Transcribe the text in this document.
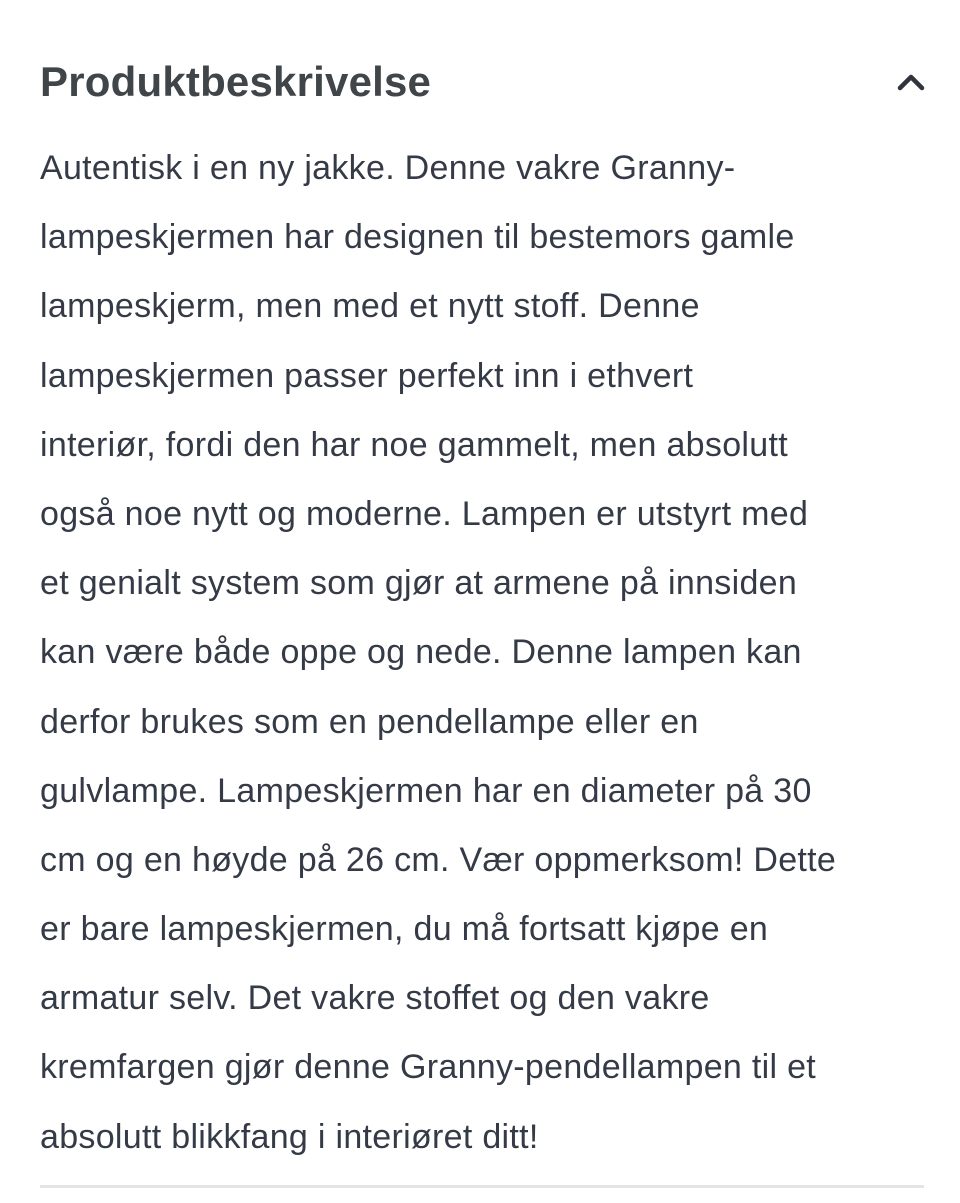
Produktbeskrivelse
Autentisk i en ny jakke. Denne vakre Granny-
lampeskjermen har designen til bestemors gamle
lampeskjerm, men med et nytt stoff. Denne
lampeskjermen passer perfekt inn i ethvert
interiør, fordi den har noe gammelt, men absolutt
også noe nytt og moderne. Lampen er utstyrt med
et genialt system som gjør at armene på innsiden
kan være både oppe og nede. Denne lampen kan
derfor brukes som en pendellampe eller en
gulvlampe. Lampeskjermen har en diameter på 30
cm og en høyde på 26 cm. Vær oppmerksom! Dette
er bare lampeskjermen, du må fortsatt kjøpe en
armatur selv. Det vakre stoffet og den vakre
kremfargen gjør denne Granny-pendellampen til et
absolutt blikkfang i interiøret ditt!
